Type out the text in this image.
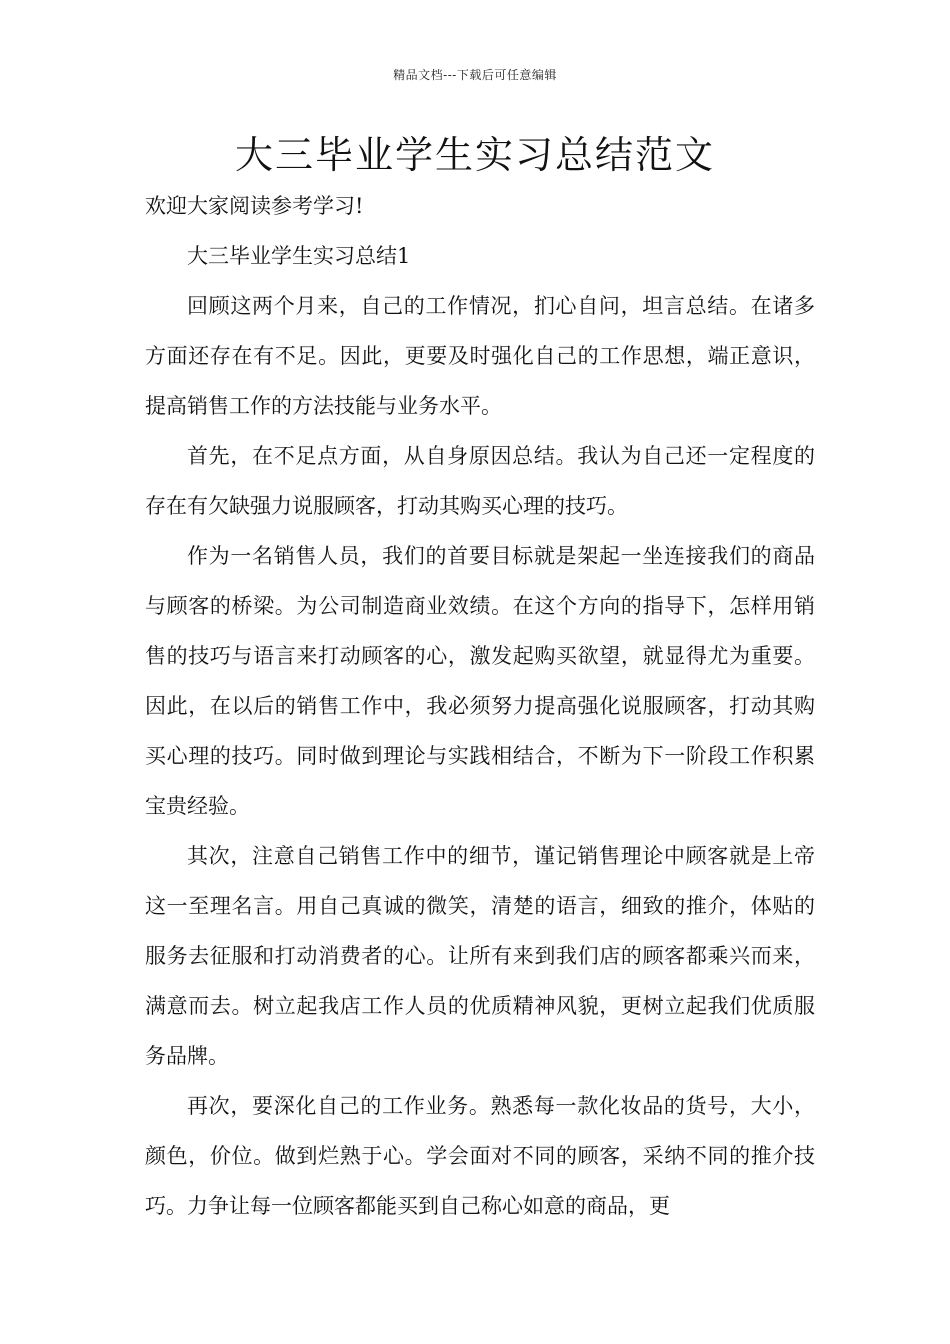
精品文档---下载后可任意编辑
大三毕业学生实习总结范文

欢迎大家阅读参考学习!

大三毕业学生实习总结1

回顾这两个月来，自己的工作情况，扪心自问，坦言总结。在诸多方面还存在有不足。因此，更要及时强化自己的工作思想，端正意识，提高销售工作的方法技能与业务水平。

首先，在不足点方面，从自身原因总结。我认为自己还一定程度的存在有欠缺强力说服顾客，打动其购买心理的技巧。

作为一名销售人员，我们的首要目标就是架起一坐连接我们的商品与顾客的桥梁。为公司制造商业效绩。在这个方向的指导下，怎样用销售的技巧与语言来打动顾客的心，激发起购买欲望，就显得尤为重要。因此，在以后的销售工作中，我必须努力提高强化说服顾客，打动其购买心理的技巧。同时做到理论与实践相结合，不断为下一阶段工作积累宝贵经验。

其次，注意自己销售工作中的细节，谨记销售理论中顾客就是上帝这一至理名言。用自己真诚的微笑，清楚的语言，细致的推介，体贴的服务去征服和打动消费者的心。让所有来到我们店的顾客都乘兴而来，满意而去。树立起我店工作人员的优质精神风貌，更树立起我们优质服务品牌。

再次，要深化自己的工作业务。熟悉每一款化妆品的货号，大小，颜色，价位。做到烂熟于心。学会面对不同的顾客，采纳不同的推介技巧。力争让每一位顾客都能买到自己称心如意的商品，更
